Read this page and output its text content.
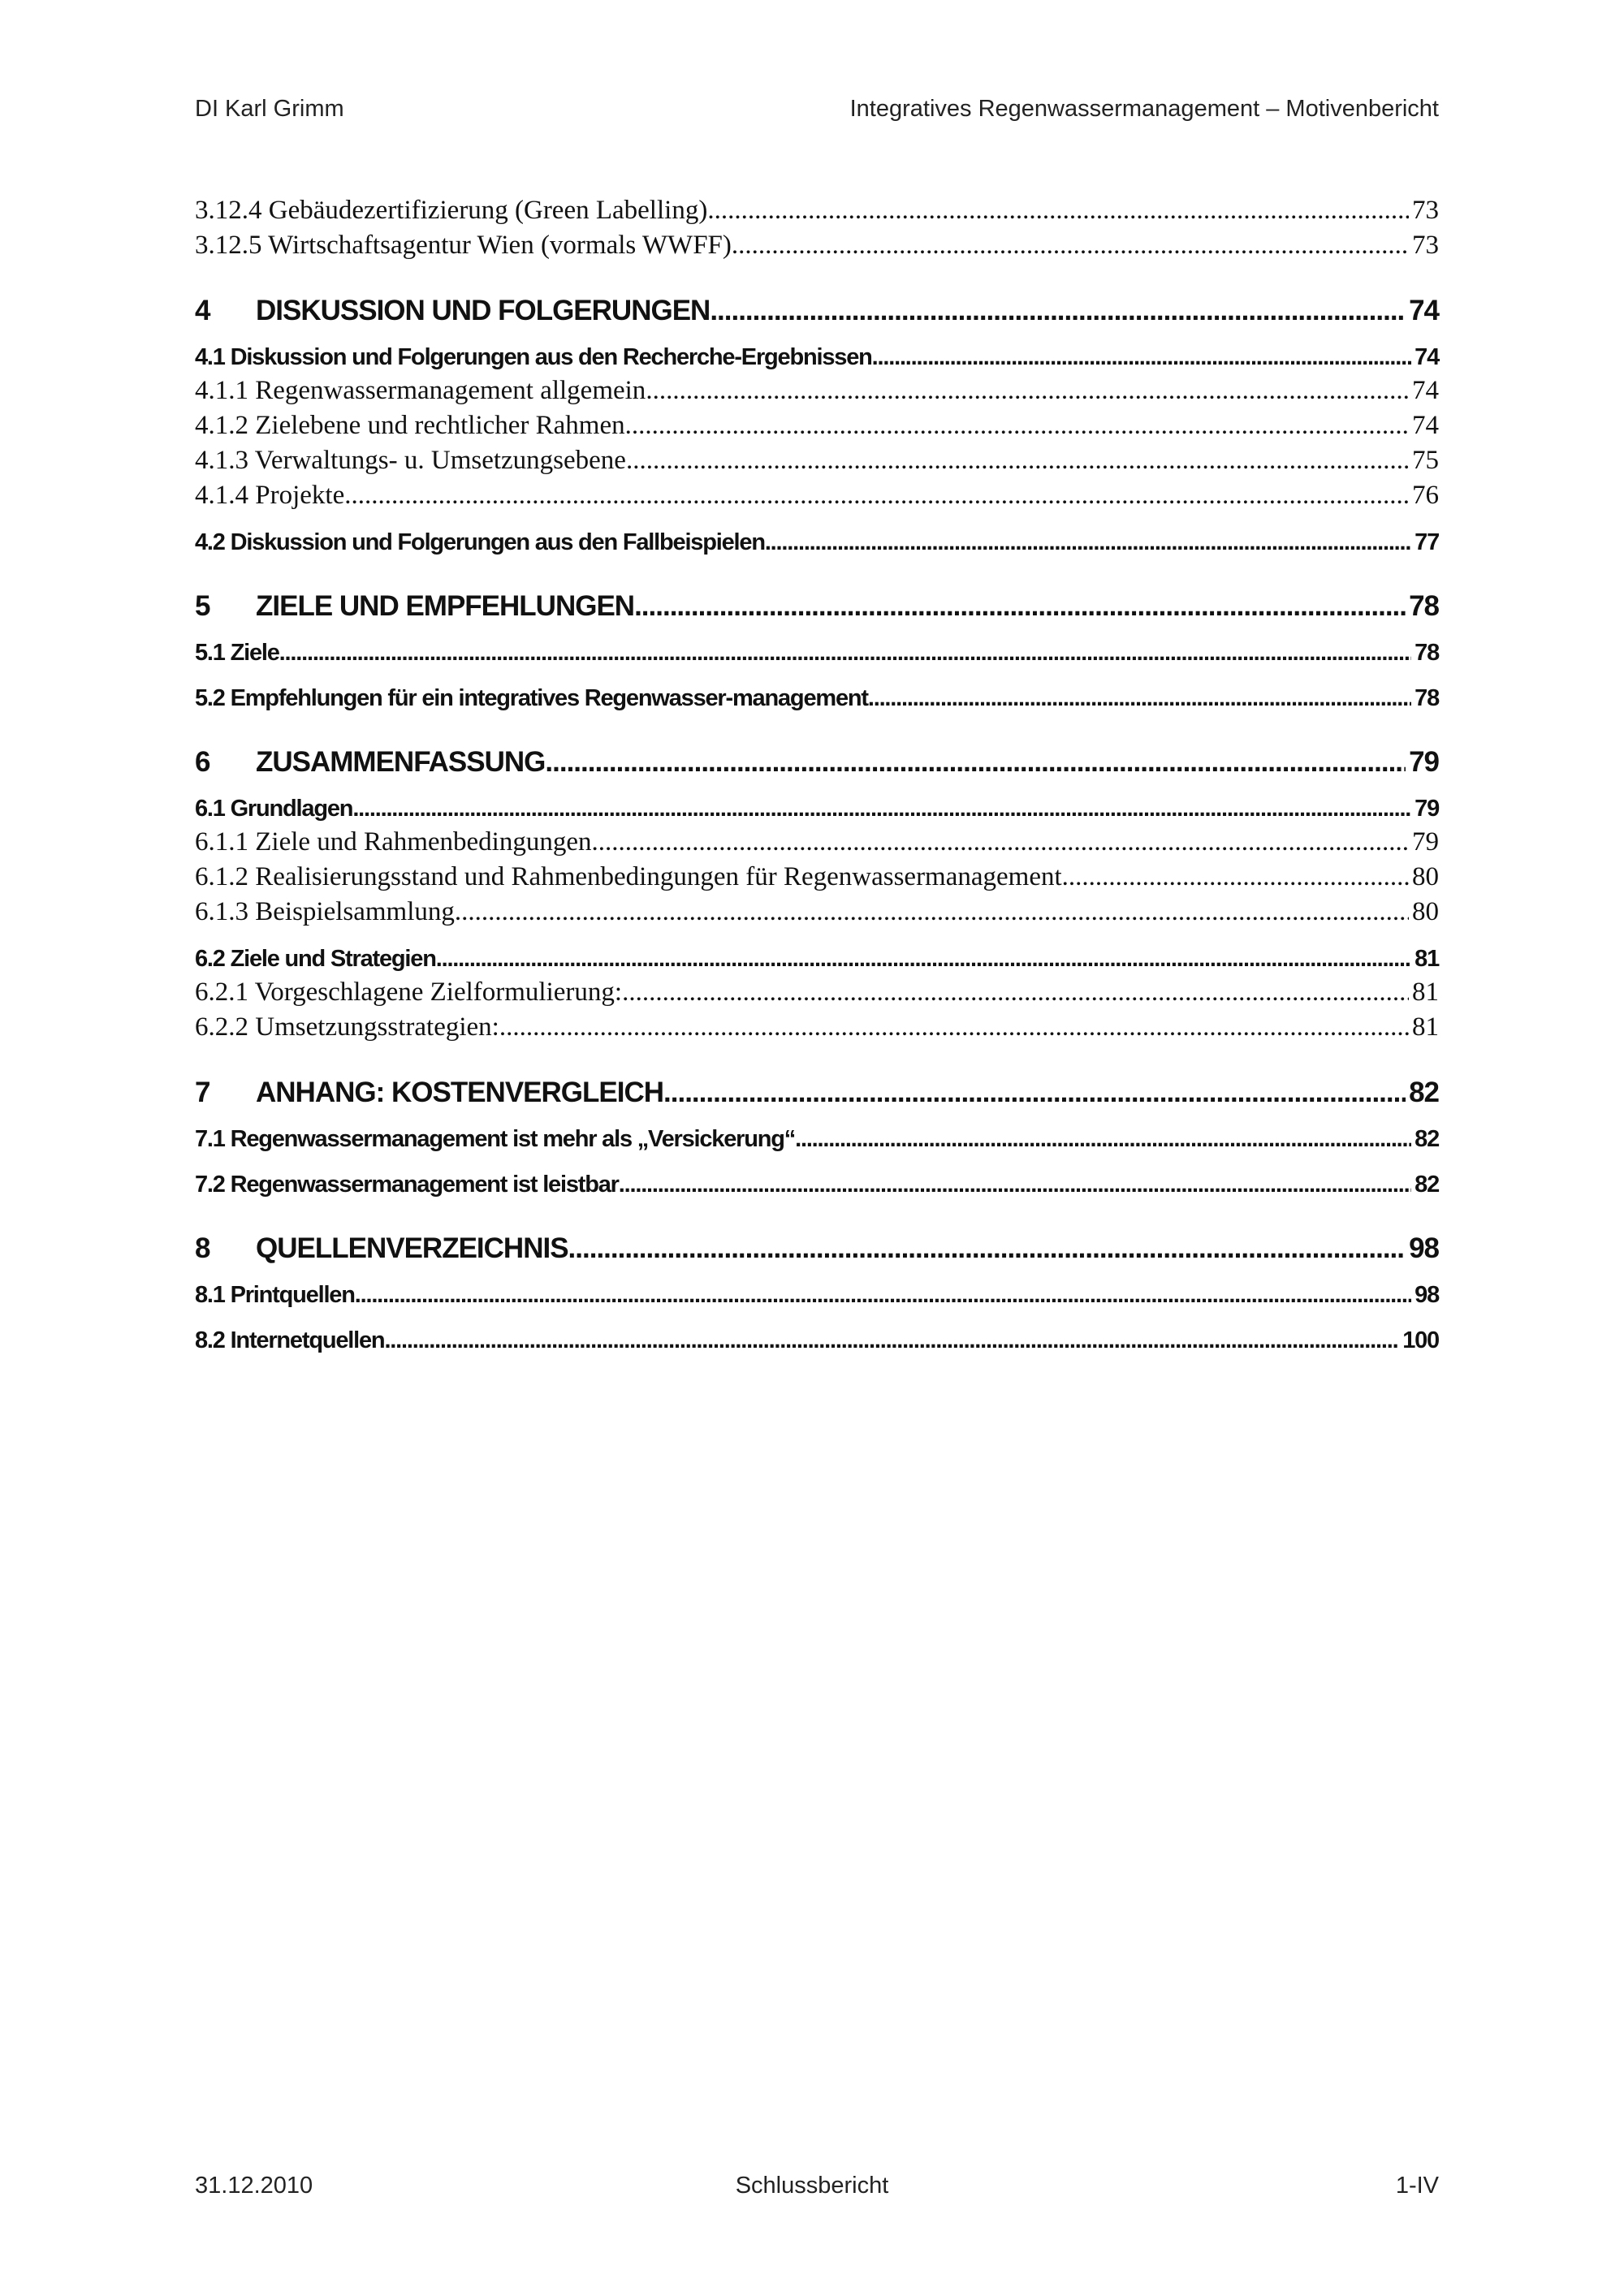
DI Karl Grimm	Integratives Regenwassermanagement – Motivenbericht
3.12.4 Gebäudezertifizierung (Green Labelling) .....	73
3.12.5 Wirtschaftsagentur Wien (vormals WWFF) .....	73
4	DISKUSSION UND FOLGERUNGEN .....	74
4.1 Diskussion und Folgerungen aus den Recherche-Ergebnissen .....	74
4.1.1 Regenwassermanagement allgemein .....	74
4.1.2 Zielebene und rechtlicher Rahmen .....	74
4.1.3 Verwaltungs- u. Umsetzungsebene .....	75
4.1.4 Projekte .....	76
4.2 Diskussion und Folgerungen aus den Fallbeispielen .....	77
5	ZIELE UND EMPFEHLUNGEN .....	78
5.1 Ziele .....	78
5.2 Empfehlungen für ein integratives Regenwasser-management .....	78
6	ZUSAMMENFASSUNG .....	79
6.1 Grundlagen .....	79
6.1.1 Ziele und Rahmenbedingungen .....	79
6.1.2 Realisierungsstand und Rahmenbedingungen für Regenwassermanagement .....	80
6.1.3 Beispielsammlung .....	80
6.2 Ziele und Strategien .....	81
6.2.1 Vorgeschlagene Zielformulierung: .....	81
6.2.2 Umsetzungsstrategien: .....	81
7	ANHANG: KOSTENVERGLEICH .....	82
7.1 Regenwassermanagement ist mehr als „Versickerung“ .....	82
7.2 Regenwassermanagement ist leistbar .....	82
8	QUELLENVERZEICHNIS .....	98
8.1 Printquellen .....	98
8.2 Internetquellen .....	100
31.12.2010	Schlussbericht	1-IV
